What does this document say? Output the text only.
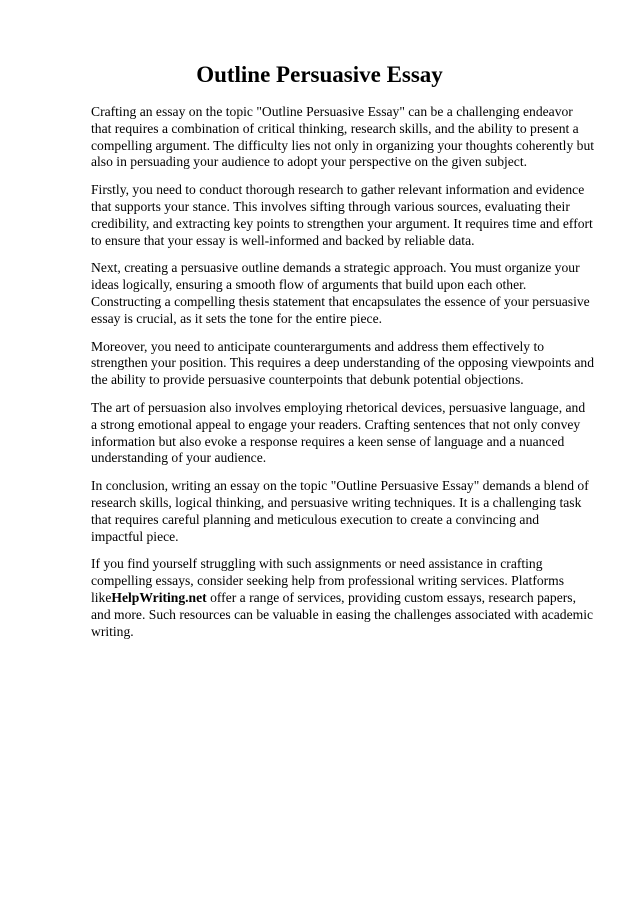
Outline Persuasive Essay

Crafting an essay on the topic "Outline Persuasive Essay" can be a challenging endeavor that requires a combination of critical thinking, research skills, and the ability to present a compelling argument. The difficulty lies not only in organizing your thoughts coherently but also in persuading your audience to adopt your perspective on the given subject.

Firstly, you need to conduct thorough research to gather relevant information and evidence that supports your stance. This involves sifting through various sources, evaluating their credibility, and extracting key points to strengthen your argument. It requires time and effort to ensure that your essay is well-informed and backed by reliable data.

Next, creating a persuasive outline demands a strategic approach. You must organize your ideas logically, ensuring a smooth flow of arguments that build upon each other. Constructing a compelling thesis statement that encapsulates the essence of your persuasive essay is crucial, as it sets the tone for the entire piece.

Moreover, you need to anticipate counterarguments and address them effectively to strengthen your position. This requires a deep understanding of the opposing viewpoints and the ability to provide persuasive counterpoints that debunk potential objections.

The art of persuasion also involves employing rhetorical devices, persuasive language, and a strong emotional appeal to engage your readers. Crafting sentences that not only convey information but also evoke a response requires a keen sense of language and a nuanced understanding of your audience.

In conclusion, writing an essay on the topic "Outline Persuasive Essay" demands a blend of research skills, logical thinking, and persuasive writing techniques. It is a challenging task that requires careful planning and meticulous execution to create a convincing and impactful piece.

If you find yourself struggling with such assignments or need assistance in crafting compelling essays, consider seeking help from professional writing services. Platforms likeHelpWriting.net offer a range of services, providing custom essays, research papers, and more. Such resources can be valuable in easing the challenges associated with academic writing.
